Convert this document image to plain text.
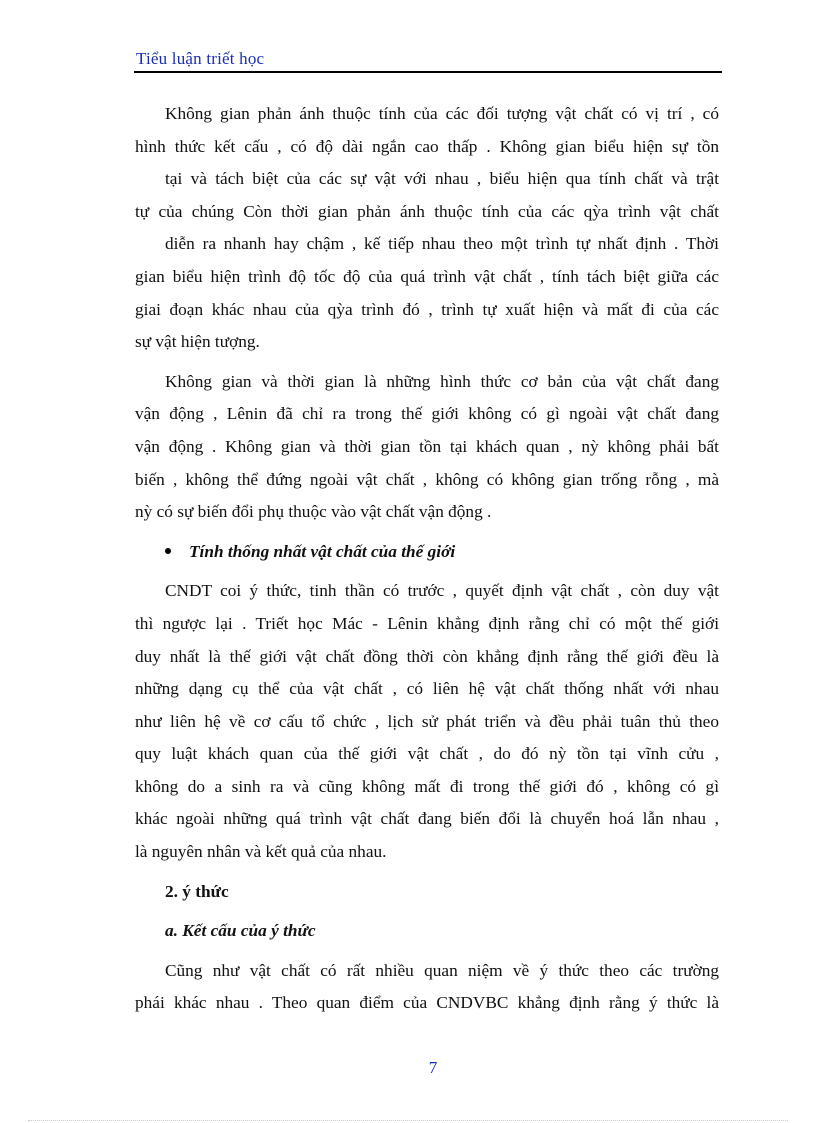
Tiểu luận triết học
Không gian phản ánh thuộc tính của các đối tượng vật chất có vị trí , có
hình thức kết cấu , có độ dài ngắn cao thấp . Không gian biểu hiện sự tồn
tại và tách biệt của các sự vật với nhau , biểu hiện qua tính chất và trật
tự của chúng Còn thời gian phản ánh thuộc tính của các qỳa trình vật chất
diễn ra nhanh hay chậm , kế tiếp nhau theo một trình tự nhất định . Thời
gian biểu hiện trình độ tốc độ của quá trình vật chất , tính tách biệt giữa các
giai đoạn khác nhau của qỳa trình đó , trình tự xuất hiện và mất đi của các
sự vật hiện tượng.
Không gian và thời gian là những hình thức cơ bản của vật chất đang
vận động , Lênin đã chỉ ra trong thế giới không có gì ngoài vật chất đang
vận động . Không gian và thời gian tồn tại khách quan , nỳ không phải bất
biến , không thể đứng ngoài vật chất , không có không gian trống rỗng , mà
nỳ có sự biến đổi phụ thuộc vào vật chất vận động .
Tính thống nhất vật chất của thế giới
CNDT coi ý thức, tinh thần có trước , quyết định vật chất , còn duy vật
thì ngược lại . Triết học Mác - Lênin khẳng định rằng chỉ có một thế giới
duy nhất là thế giới vật chất đồng thời còn khẳng định rằng thế giới đều là
những dạng cụ thể của vật chất , có liên hệ vật chất thống nhất với nhau
như liên hệ về cơ cấu tổ chức , lịch sử phát triển và đều phải tuân thủ theo
quy luật khách quan của thế giới vật chất , do đó nỳ tồn tại vĩnh cửu ,
không do a sinh ra và cũng không mất đi trong thế giới đó , không có gì
khác ngoài những quá trình vật chất đang biến đổi là chuyển hoá lẫn nhau ,
là nguyên nhân và kết quả của nhau.
2. ý thức
a. Kết cấu của ý thức
Cũng như vật chất có rất nhiều quan niệm về ý thức theo các trường
phái khác nhau . Theo quan điểm của CNDVBC khẳng định rằng ý thức là
7
